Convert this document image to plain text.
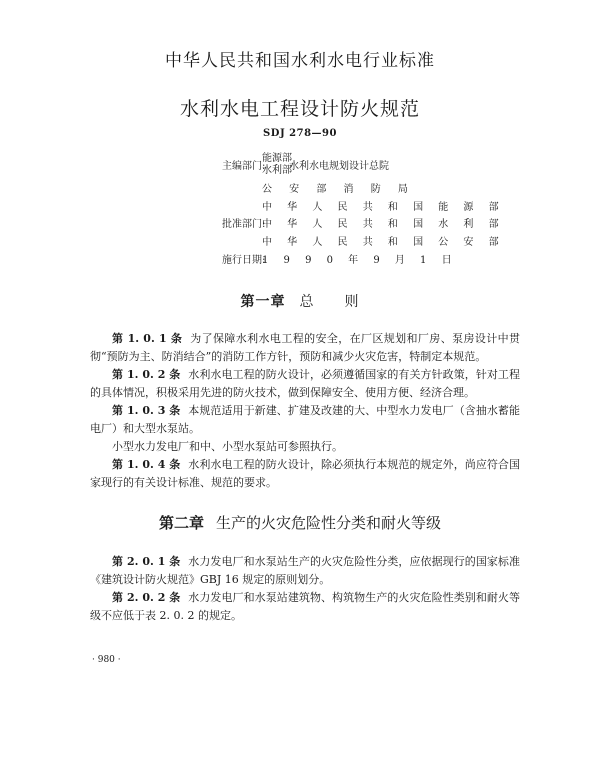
中华人民共和国水利水电行业标准
水利水电工程设计防火规范
SDJ 278—90
主编部门:
能源部
水利部
水利水电规划设计总院
公 安 部 消 防 局
中 华 人 民 共 和 国 能 源 部
批准部门:
中 华 人 民 共 和 国 水 利 部
中 华 人 民 共 和 国 公 安 部
施行日期:
1 9 9 0 年 9 月 1 日
第一章 总　　则

第 1. 0. 1 条 为了保障水利水电工程的安全，在厂区规划和厂房、泵房设计中贯彻“预防为主、防消结合”的消防工作方针，预防和减少火灾危害，特制定本规范。

第 1. 0. 2 条 水利水电工程的防火设计，必须遵循国家的有关方针政策，针对工程的具体情况，积极采用先进的防火技术，做到保障安全、使用方便、经济合理。

第 1. 0. 3 条 本规范适用于新建、扩建及改建的大、中型水力发电厂（含抽水蓄能电厂）和大型水泵站。

小型水力发电厂和中、小型水泵站可参照执行。

第 1. 0. 4 条 水利水电工程的防火设计，除必须执行本规范的规定外，尚应符合国家现行的有关设计标准、规范的要求。

第二章 生产的火灾危险性分类和耐火等级

第 2. 0. 1 条 水力发电厂和水泵站生产的火灾危险性分类，应依据现行的国家标准《建筑设计防火规范》GBJ 16 规定的原则划分。

第 2. 0. 2 条 水力发电厂和水泵站建筑物、构筑物生产的火灾危险性类别和耐火等级不应低于表 2. 0. 2 的规定。

· 980 ·
